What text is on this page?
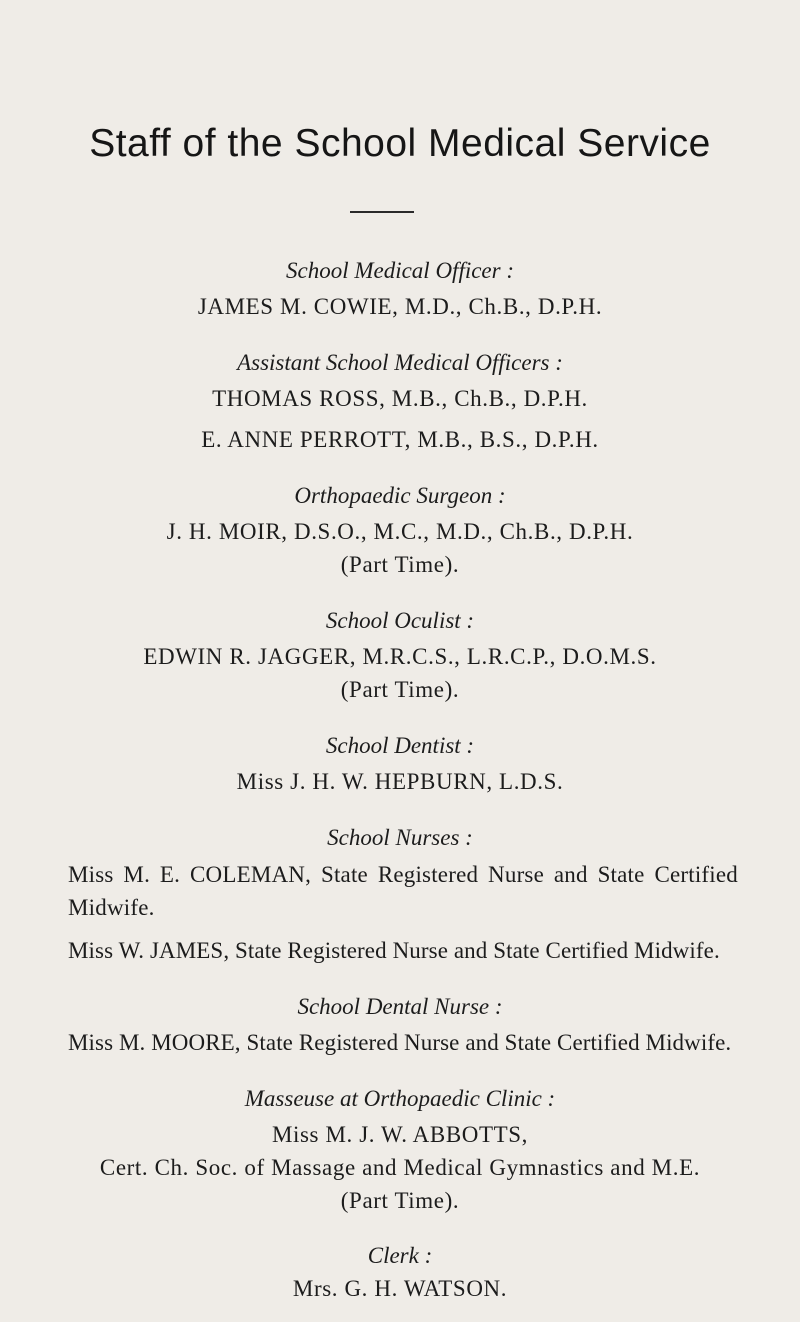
Staff of the School Medical Service
School Medical Officer :
JAMES M. COWIE, M.D., Ch.B., D.P.H.
Assistant School Medical Officers :
THOMAS ROSS, M.B., Ch.B., D.P.H.
E. ANNE PERROTT, M.B., B.S., D.P.H.
Orthopaedic Surgeon :
J. H. MOIR, D.S.O., M.C., M.D., Ch.B., D.P.H.
(Part Time).
School Oculist :
EDWIN R. JAGGER, M.R.C.S., L.R.C.P., D.O.M.S.
(Part Time).
School Dentist :
Miss J. H. W. HEPBURN, L.D.S.
School Nurses :
Miss M. E. COLEMAN, State Registered Nurse and State Certified Midwife.
Miss W. JAMES, State Registered Nurse and State Certified Midwife.
School Dental Nurse :
Miss M. MOORE, State Registered Nurse and State Certified Midwife.
Masseuse at Orthopaedic Clinic :
Miss M. J. W. ABBOTTS,
Cert. Ch. Soc. of Massage and Medical Gymnastics and M.E.
(Part Time).
Clerk :
Mrs. G. H. WATSON.
